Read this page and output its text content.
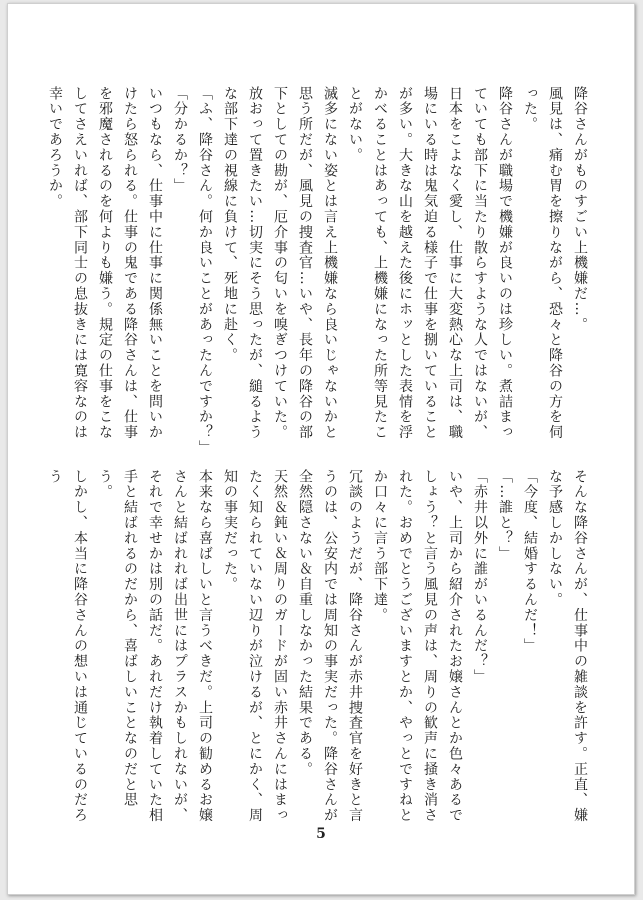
降谷さんがものすごい上機嫌だ…。
風見は、痛む胃を擦りながら、恐々と降谷の方を伺った。
降谷さんが職場で機嫌が良いのは珍しい。煮詰まっていても部下に当たり散らすような人ではないが、日本をこよなく愛し、仕事に大変熱心な上司は、職場にいる時は鬼気迫る様子で仕事を捌いていることが多い。大きな山を越えた後にホッとした表情を浮かべることはあっても、上機嫌になった所等見たことがない。
滅多にない姿とは言え上機嫌なら良いじゃないかと思う所だが、風見の捜査官…いや、長年の降谷の部下としての勘が、厄介事の匂いを嗅ぎつけていた。
放おって置きたい…切実にそう思ったが、縋るような部下達の視線に負けて、死地に赴く。
「ふ、降谷さん。何か良いことがあったんですか？」
「分かるか？」
いつもなら、仕事中に仕事に関係無いことを問いかけたら怒られる。仕事の鬼である降谷さんは、仕事を邪魔されるのを何よりも嫌う。規定の仕事をこなしてさえいれば、部下同士の息抜きには寛容なのは幸いであろうか。
そんな降谷さんが、仕事中の雑談を許す。正直、嫌な予感しかしない。
「今度、結婚するんだ！」
「…誰と？」
「赤井以外に誰がいるんだ？」
いや、上司から紹介されたお嬢さんとか色々あるでしょう？と言う風見の声は、周りの歓声に掻き消された。おめでとうございますとか、やっとですねとか口々に言う部下達。
冗談のようだが、降谷さんが赤井捜査官を好きと言うのは、公安内では周知の事実だった。降谷さんが全然隠さない＆自重しなかった結果である。
天然＆鈍い＆周りのガードが固い赤井さんにはまったく知られていない辺りが泣けるが、とにかく、周知の事実だった。
本来なら喜ばしいと言うべきだ。上司の勧めるお嬢さんと結ばれれば出世にはプラスかもしれないが、それで幸せかは別の話だ。あれだけ執着していた相手と結ばれるのだから、喜ばしいことなのだと思う。
しかし、本当に降谷さんの想いは通じているのだろう
5
